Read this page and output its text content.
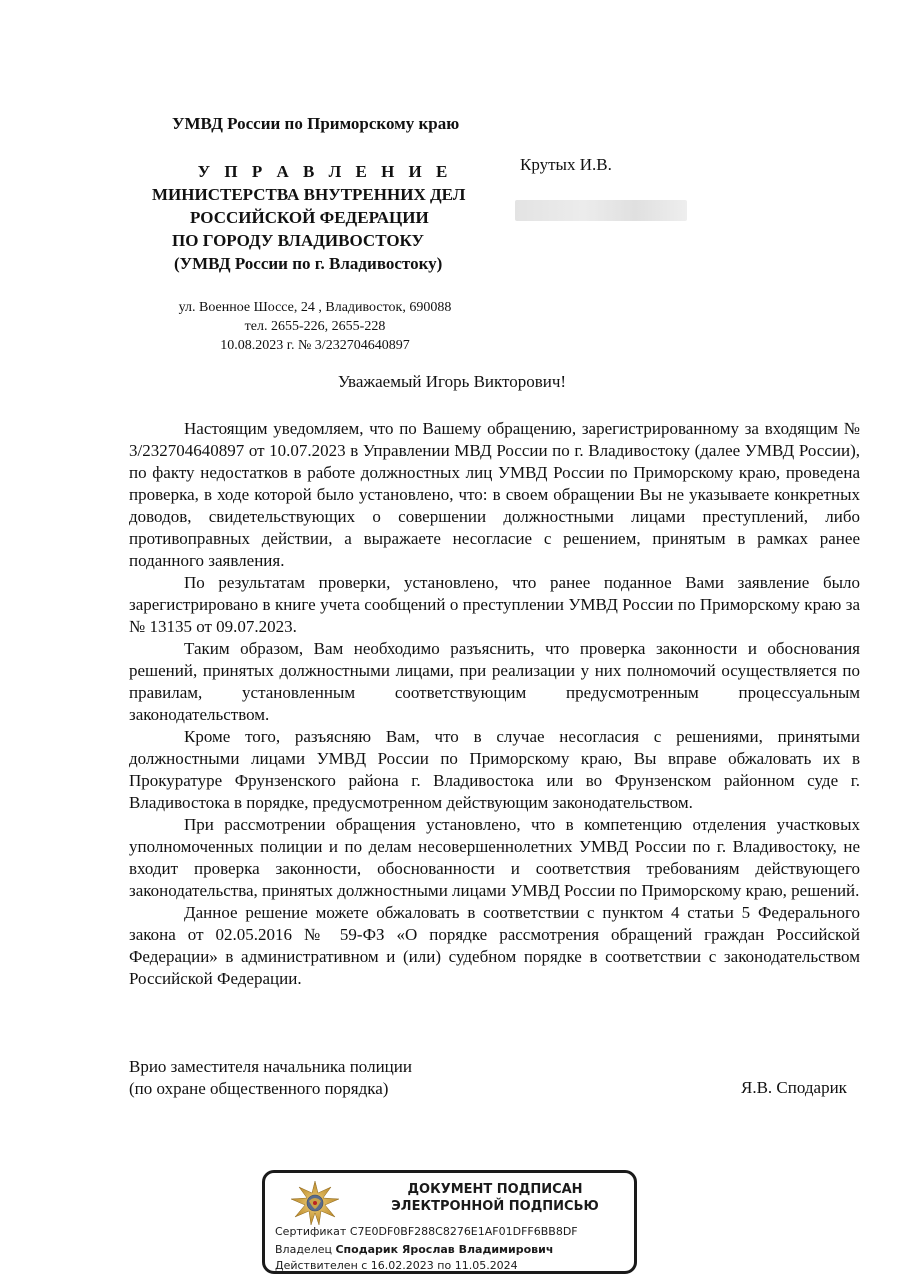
УМВД России по Приморскому краю
У П Р А В Л Е Н И Е
МИНИСТЕРСТВА ВНУТРЕННИХ ДЕЛ
РОССИЙСКОЙ ФЕДЕРАЦИИ
ПО ГОРОДУ ВЛАДИВОСТОКУ
(УМВД России по г. Владивостоку)
Крутых И.В.
ул. Военное Шоссе, 24 , Владивосток, 690088
тел. 2655-226, 2655-228
10.08.2023 г. № 3/232704640897
Уважаемый Игорь Викторович!

Настоящим уведомляем, что по Вашему обращению, зарегистрированному за входящим № 3/232704640897 от 10.07.2023 в Управлении МВД России по г. Владивостоку (далее УМВД России), по факту недостатков в работе должностных лиц УМВД России по Приморскому краю, проведена проверка, в ходе которой было установлено, что: в своем обращении Вы не указываете конкретных доводов, свидетельствующих о совершении должностными лицами преступлений, либо противоправных действии, а выражаете несогласие с решением, принятым в рамках ранее поданного заявления.

По результатам проверки, установлено, что ранее поданное Вами заявление было зарегистрировано в книге учета сообщений о преступлении УМВД России по Приморскому краю за № 13135 от 09.07.2023.

Таким образом, Вам необходимо разъяснить, что проверка законности и обоснования решений, принятых должностными лицами, при реализации у них полномочий осуществляется по правилам, установленным соответствующим предусмотренным процессуальным законодательством.

Кроме того, разъясняю Вам, что в случае несогласия с решениями, принятыми должностными лицами УМВД России по Приморскому краю, Вы вправе обжаловать их в Прокуратуре Фрунзенского района г. Владивостока или во Фрунзенском районном суде г. Владивостока в порядке, предусмотренном действующим законодательством.

При рассмотрении обращения установлено, что в компетенцию отделения участковых уполномоченных полиции и по делам несовершеннолетних УМВД России по г. Владивостоку, не входит проверка законности, обоснованности и соответствия требованиям действующего законодательства, принятых должностными лицами УМВД России по Приморскому краю, решений.

Данное решение можете обжаловать в соответствии с пунктом 4 статьи 5 Федерального закона от 02.05.2016 № 59-ФЗ «О порядке рассмотрения обращений граждан Российской Федерации» в административном и (или) судебном порядке в соответствии с законодательством Российской Федерации.

Врио заместителя начальника полиции
(по охране общественного порядка)	Я.В. Сподарик
ДОКУМЕНТ ПОДПИСАН
ЭЛЕКТРОННОЙ ПОДПИСЬЮ
Сертификат C7E0DF0BF288C8276E1AF01DFF6BB8DF
Владелец Сподарик Ярослав Владимирович
Действителен с 16.02.2023 по 11.05.2024
